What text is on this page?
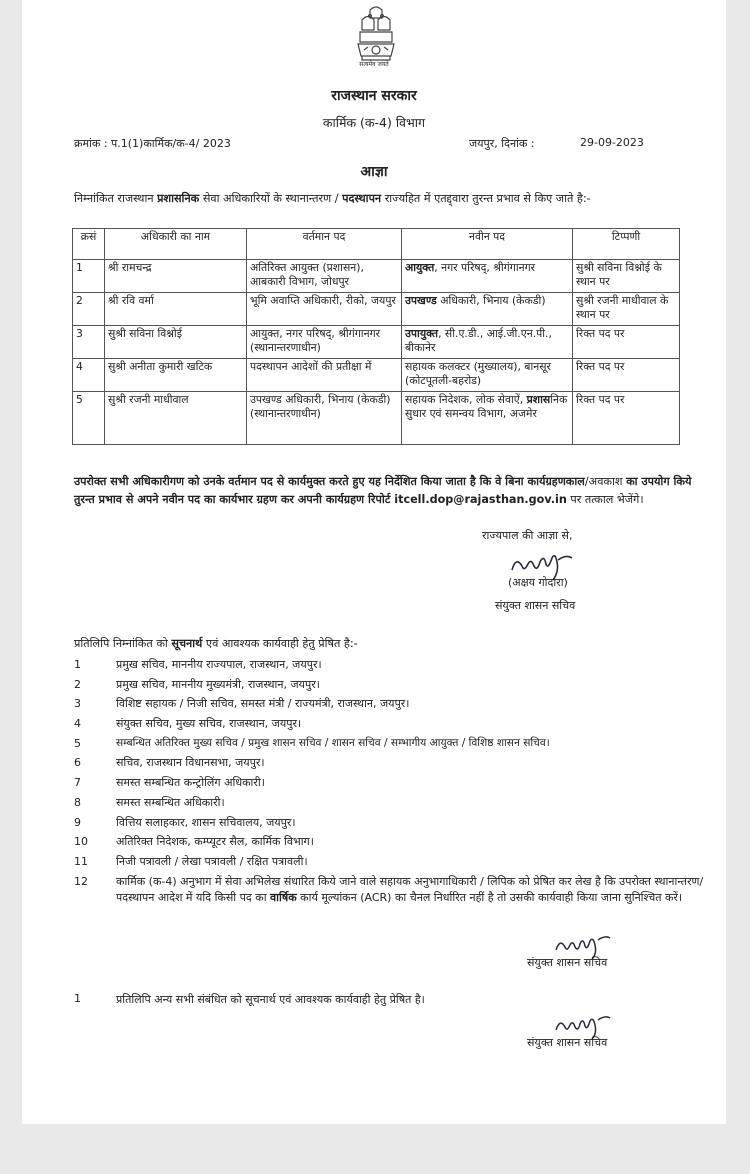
सत्यमेव जयते
राजस्थान सरकार
कार्मिक (क-4) विभाग
क्रमांक : प.1(1)कार्मिक/क-4/ 2023	जयपुर, दिनांक :	29-09-2023
आज्ञा
निम्नांकित राजस्थान प्रशासनिक सेवा अधिकारियों के स्थानान्तरण / पदस्थापन राज्यहित में एतद्द्वारा तुरन्त प्रभाव से किए जाते है:-
क्रसं	अधिकारी का नाम	वर्तमान पद	नवीन पद	टिप्पणी
1	श्री रामचन्द्र	अतिरिक्त आयुक्त (प्रशासन), आबकारी विभाग, जोधपुर	आयुक्त, नगर परिषद्, श्रीगंगानगर	सुश्री सविना विश्नोई के स्थान पर
2	श्री रवि वर्मा	भूमि अवाप्ति अधिकारी, रीको, जयपुर	उपखण्ड अधिकारी, भिनाय (केकडी)	सुश्री रजनी माधीवाल के स्थान पर
3	सुश्री सविना विश्नोई	आयुक्त, नगर परिषद्, श्रीगंगानगर (स्थानान्तरणाधीन)	उपायुक्त, सी.ए.डी., आई.जी.एन.पी., बीकानेर	रिक्त पद पर
4	सुश्री अनीता कुमारी खटिक	पदस्थापन आदेशों की प्रतीक्षा में	सहायक कलक्टर (मुख्यालय), बानसूर (कोटपूतली-बहरोड)	रिक्त पद पर
5	सुश्री रजनी माधीवाल	उपखण्ड अधिकारी, भिनाय (केकडी) (स्थानान्तरणाधीन)	सहायक निदेशक, लोक सेवाऐं, प्रशासनिक सुधार एवं समन्वय विभाग, अजमेर	रिक्त पद पर
उपरोक्त सभी अधिकारीगण को उनके वर्तमान पद से कार्यमुक्त करते हुए यह निर्देशित किया जाता है कि वे बिना कार्यग्रहणकाल/अवकाश का उपयोग किये तुरन्त प्रभाव से अपने नवीन पद का कार्यभार ग्रहण कर अपनी कार्यग्रहण रिपोर्ट itcell.dop@rajasthan.gov.in पर तत्काल भेजेंगे।
राज्यपाल की आज्ञा से,
(अक्षय गोदारा)
संयुक्त शासन सचिव
प्रतिलिपि निम्नांकित को सूचनार्थ एवं आवश्यक कार्यवाही हेतु प्रेषित है:-
1	प्रमुख सचिव, माननीय राज्यपाल, राजस्थान, जयपुर।
2	प्रमुख सचिव, माननीय मुख्यमंत्री, राजस्थान, जयपुर।
3	विशिष्ट सहायक / निजी सचिव, समस्त मंत्री / राज्यमंत्री, राजस्थान, जयपुर।
4	संयुक्त सचिव, मुख्य सचिव, राजस्थान, जयपुर।
5	सम्बन्धित अतिरिक्त मुख्य सचिव / प्रमुख शासन सचिव / शासन सचिव / सम्भागीय आयुक्त / विशिष्ठ शासन सचिव।
6	सचिव, राजस्थान विधानसभा, जयपुर।
7	समस्त सम्बन्धित कन्ट्रोलिंग अधिकारी।
8	समस्त सम्बन्धित अधिकारी।
9	वित्तिय सलाहकार, शासन सचिवालय, जयपुर।
10	अतिरिक्त निदेशक, कम्प्यूटर सैल, कार्मिक विभाग।
11	निजी पत्रावली / लेखा पत्रावली / रक्षित पत्रावली।
12	कार्मिक (क-4) अनुभाग में सेवा अभिलेख संधारित किये जाने वाले सहायक अनुभागाधिकारी / लिपिक को प्रेषित कर लेख है कि उपरोक्त स्थानान्तरण/पदस्थापन आदेश में यदि किसी पद का वार्षिक कार्य मूल्यांकन (ACR) का चैनल निर्धारित नहीं है तो उसकी कार्यवाही किया जाना सुनिश्चित करें।
संयुक्त शासन सचिव
1	प्रतिलिपि अन्य सभी संबंधित को सूचनार्थ एवं आवश्यक कार्यवाही हेतु प्रेषित है।
संयुक्त शासन सचिव
